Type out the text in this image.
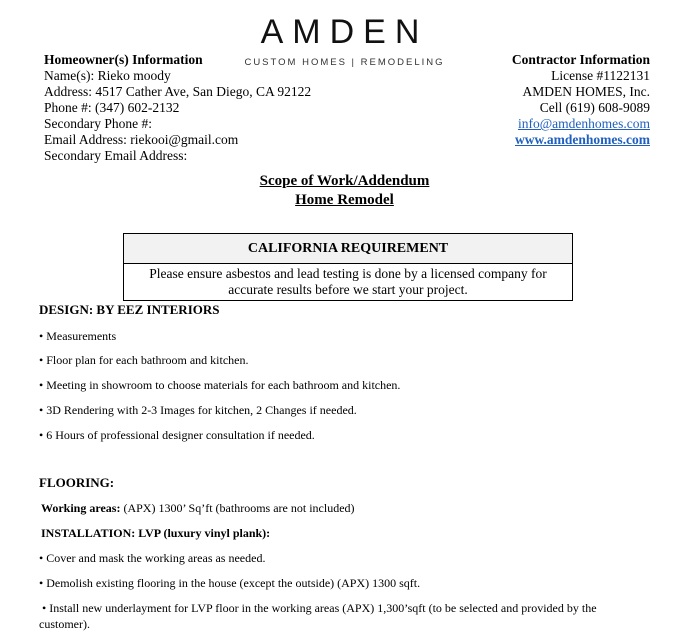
AMDEN
CUSTOM HOMES | REMODELING
Homeowner(s) Information
Name(s): Rieko moody
Address: 4517 Cather Ave, San Diego, CA 92122
Phone #: (347) 602-2132
Secondary Phone #:
Email Address: riekooi@gmail.com
Secondary Email Address:
Contractor Information
License #1122131
AMDEN HOMES, Inc.
Cell (619) 608-9089
info@amdenhomes.com
www.amdenhomes.com
Scope of Work/Addendum
Home Remodel
CALIFORNIA REQUIREMENT
Please ensure asbestos and lead testing is done by a licensed company for accurate results before we start your project.
DESIGN: BY EEZ INTERIORS
• Measurements
• Floor plan for each bathroom and kitchen.
• Meeting in showroom to choose materials for each bathroom and kitchen.
• 3D Rendering with 2-3 Images for kitchen, 2 Changes if needed.
• 6 Hours of professional designer consultation if needed.
FLOORING:
Working areas: (APX) 1300’ Sq’ft (bathrooms are not included)
INSTALLATION: LVP (luxury vinyl plank):
• Cover and mask the working areas as needed.
• Demolish existing flooring in the house (except the outside) (APX) 1300 sqft.
• Install new underlayment for LVP floor in the working areas (APX) 1,300’sqft (to be selected and provided by the customer).
